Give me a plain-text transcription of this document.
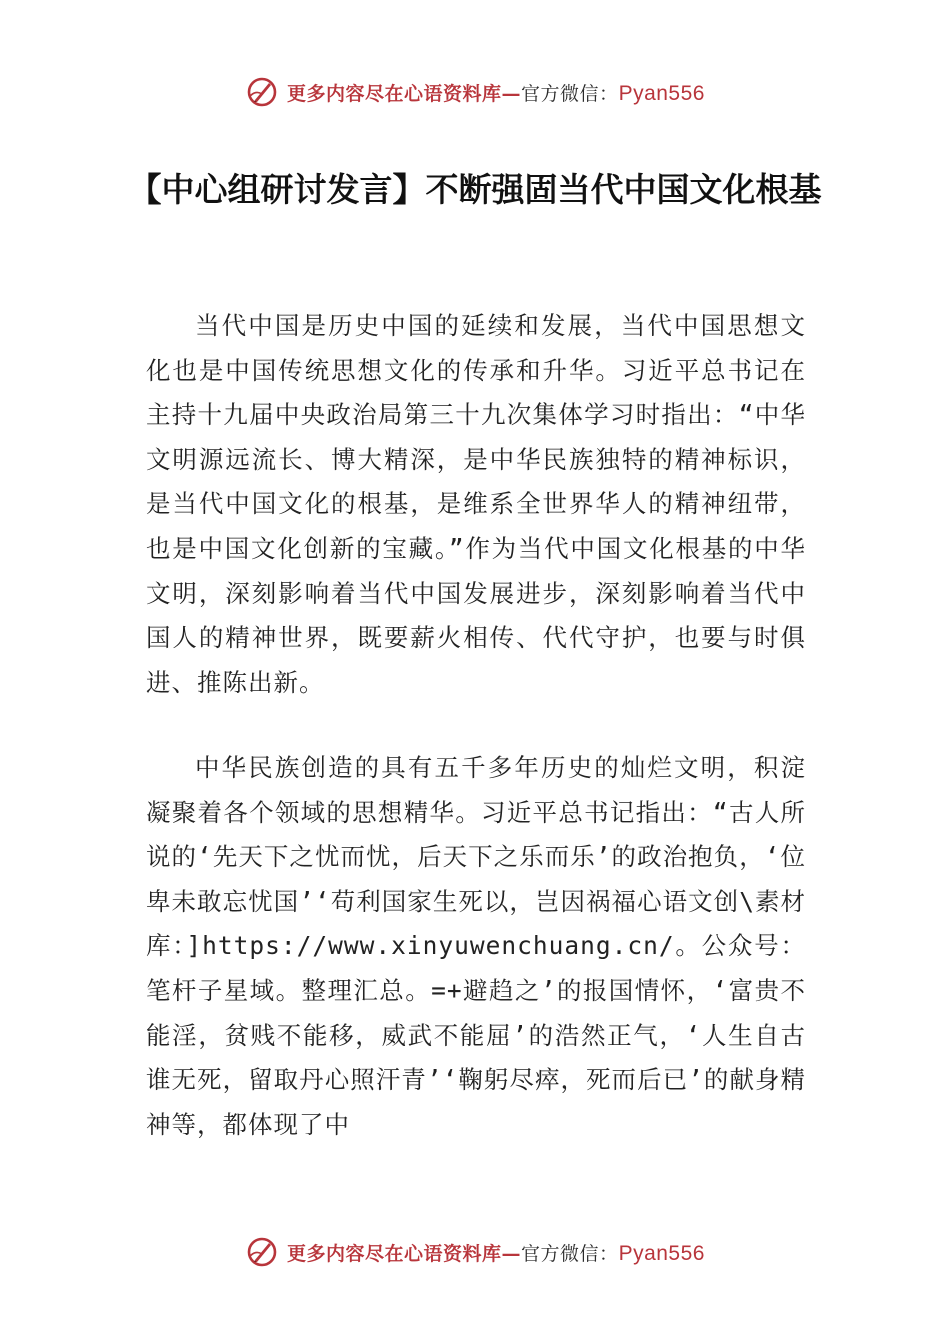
更多内容尽在心语资料库—官方微信：Pyan556
【中心组研讨发言】不断强固当代中国文化根基

当代中国是历史中国的延续和发展，当代中国思想文化也是中国传统思想文化的传承和升华。习近平总书记在主持十九届中央政治局第三十九次集体学习时指出：“中华文明源远流长、博大精深，是中华民族独特的精神标识，是当代中国文化的根基，是维系全世界华人的精神纽带，也是中国文化创新的宝藏。”作为当代中国文化根基的中华文明，深刻影响着当代中国发展进步，深刻影响着当代中国人的精神世界，既要薪火相传、代代守护，也要与时俱进、推陈出新。

中华民族创造的具有五千多年历史的灿烂文明，积淀凝聚着各个领域的思想精华。习近平总书记指出：“古人所说的‘先天下之忧而忧，后天下之乐而乐’的政治抱负，‘位卑未敢忘忧国’‘苟利国家生死以，岂因祸福心语文创\素材库：]https://www.xinyuwenchuang.cn/。公众号：笔杆子星域。整理汇总。=+避趋之’的报国情怀，‘富贵不能淫，贫贱不能移，威武不能屈’的浩然正气，‘人生自古谁无死，留取丹心照汗青’‘鞠躬尽瘁，死而后已’的献身精神等，都体现了中

更多内容尽在心语资料库—官方微信：Pyan556
